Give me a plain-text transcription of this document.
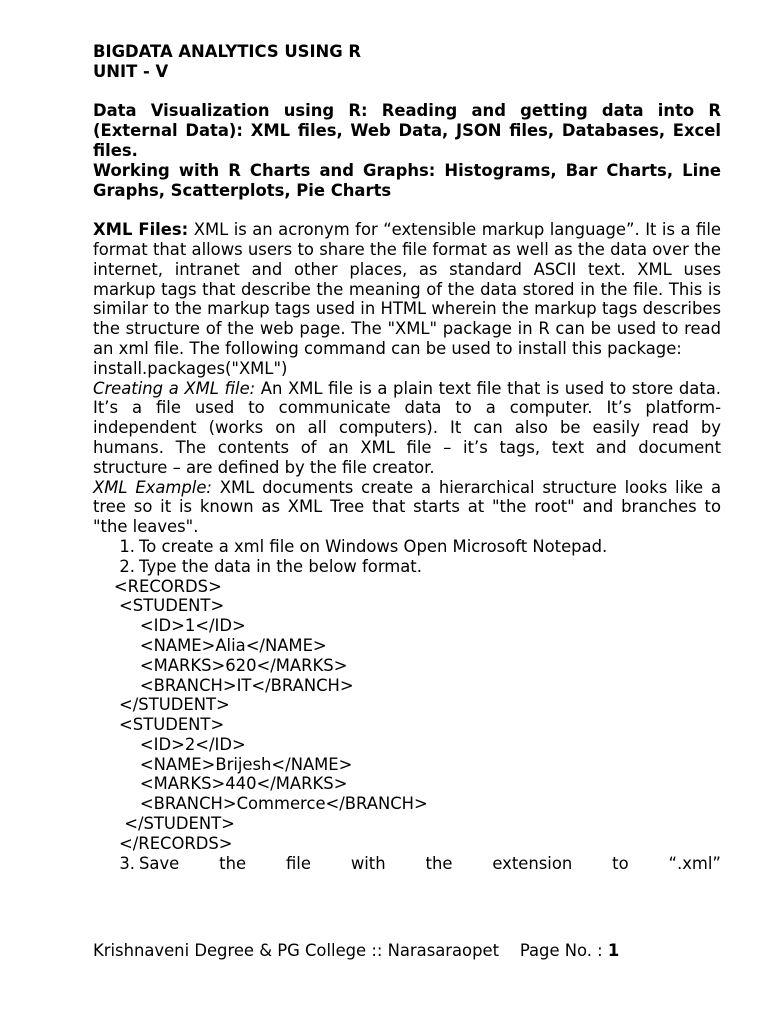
BIGDATA ANALYTICS USING R
UNIT - V
Data Visualization using R: Reading and getting data into R (External Data): XML files, Web Data, JSON files, Databases, Excel files.
Working with R Charts and Graphs: Histograms, Bar Charts, Line Graphs, Scatterplots, Pie Charts
XML Files: XML is an acronym for “extensible markup language”. It is a file format that allows users to share the file format as well as the data over the internet, intranet and other places, as standard ASCII text. XML uses markup tags that describe the meaning of the data stored in the file. This is similar to the markup tags used in HTML wherein the markup tags describes the structure of the web page. The "XML" package in R can be used to read an xml file. The following command can be used to install this package:
install.packages("XML")
Creating a XML file: An XML file is a plain text file that is used to store data. It’s a file used to communicate data to a computer. It’s platform-independent (works on all computers). It can also be easily read by humans. The contents of an XML file – it’s tags, text and document structure – are defined by the file creator.
XML Example: XML documents create a hierarchical structure looks like a tree so it is known as XML Tree that starts at "the root" and branches to "the leaves".
1. To create a xml file on Windows Open Microsoft Notepad.
2. Type the data in the below format.
<RECORDS>
<STUDENT>
<ID>1</ID>
<NAME>Alia</NAME>
<MARKS>620</MARKS>
<BRANCH>IT</BRANCH>
</STUDENT>
<STUDENT>
<ID>2</ID>
<NAME>Brijesh</NAME>
<MARKS>440</MARKS>
<BRANCH>Commerce</BRANCH>
</STUDENT>
</RECORDS>
3. Save the file with the extension to “.xml”
Krishnaveni Degree & PG College :: Narasaraopet    Page No. : 1
